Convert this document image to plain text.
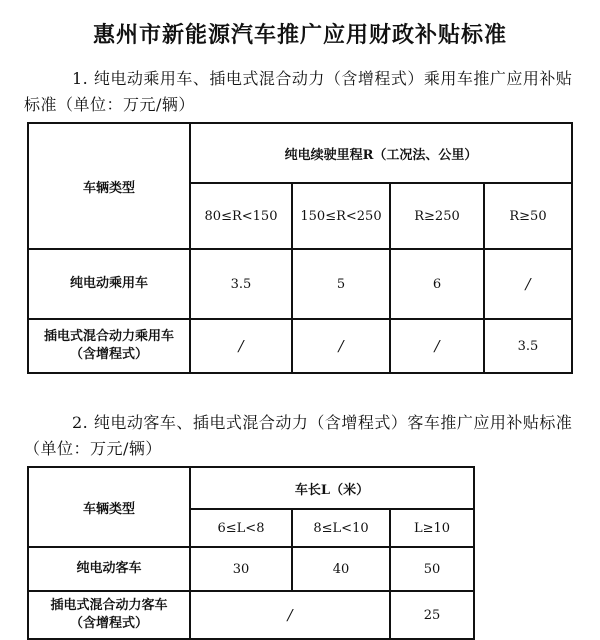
惠州市新能源汽车推广应用财政补贴标准
1. 纯电动乘用车、插电式混合动力（含增程式）乘用车推广应用补贴标准（单位：万元/辆）
车辆类型	纯电续驶里程R（工况法、公里）			
	80≤R<150	150≤R<250	R≥250	R≥50
纯电动乘用车	3.5	5	6	/
插电式混合动力乘用车 （含增程式）	/	/	/	3.5
2. 纯电动客车、插电式混合动力（含增程式）客车推广应用补贴标准（单位：万元/辆）
车辆类型	车长L（米）		
	6≤L<8	8≤L<10	L≥10
纯电动客车	30	40	50
插电式混合动力客车（含增程式）	/		25
